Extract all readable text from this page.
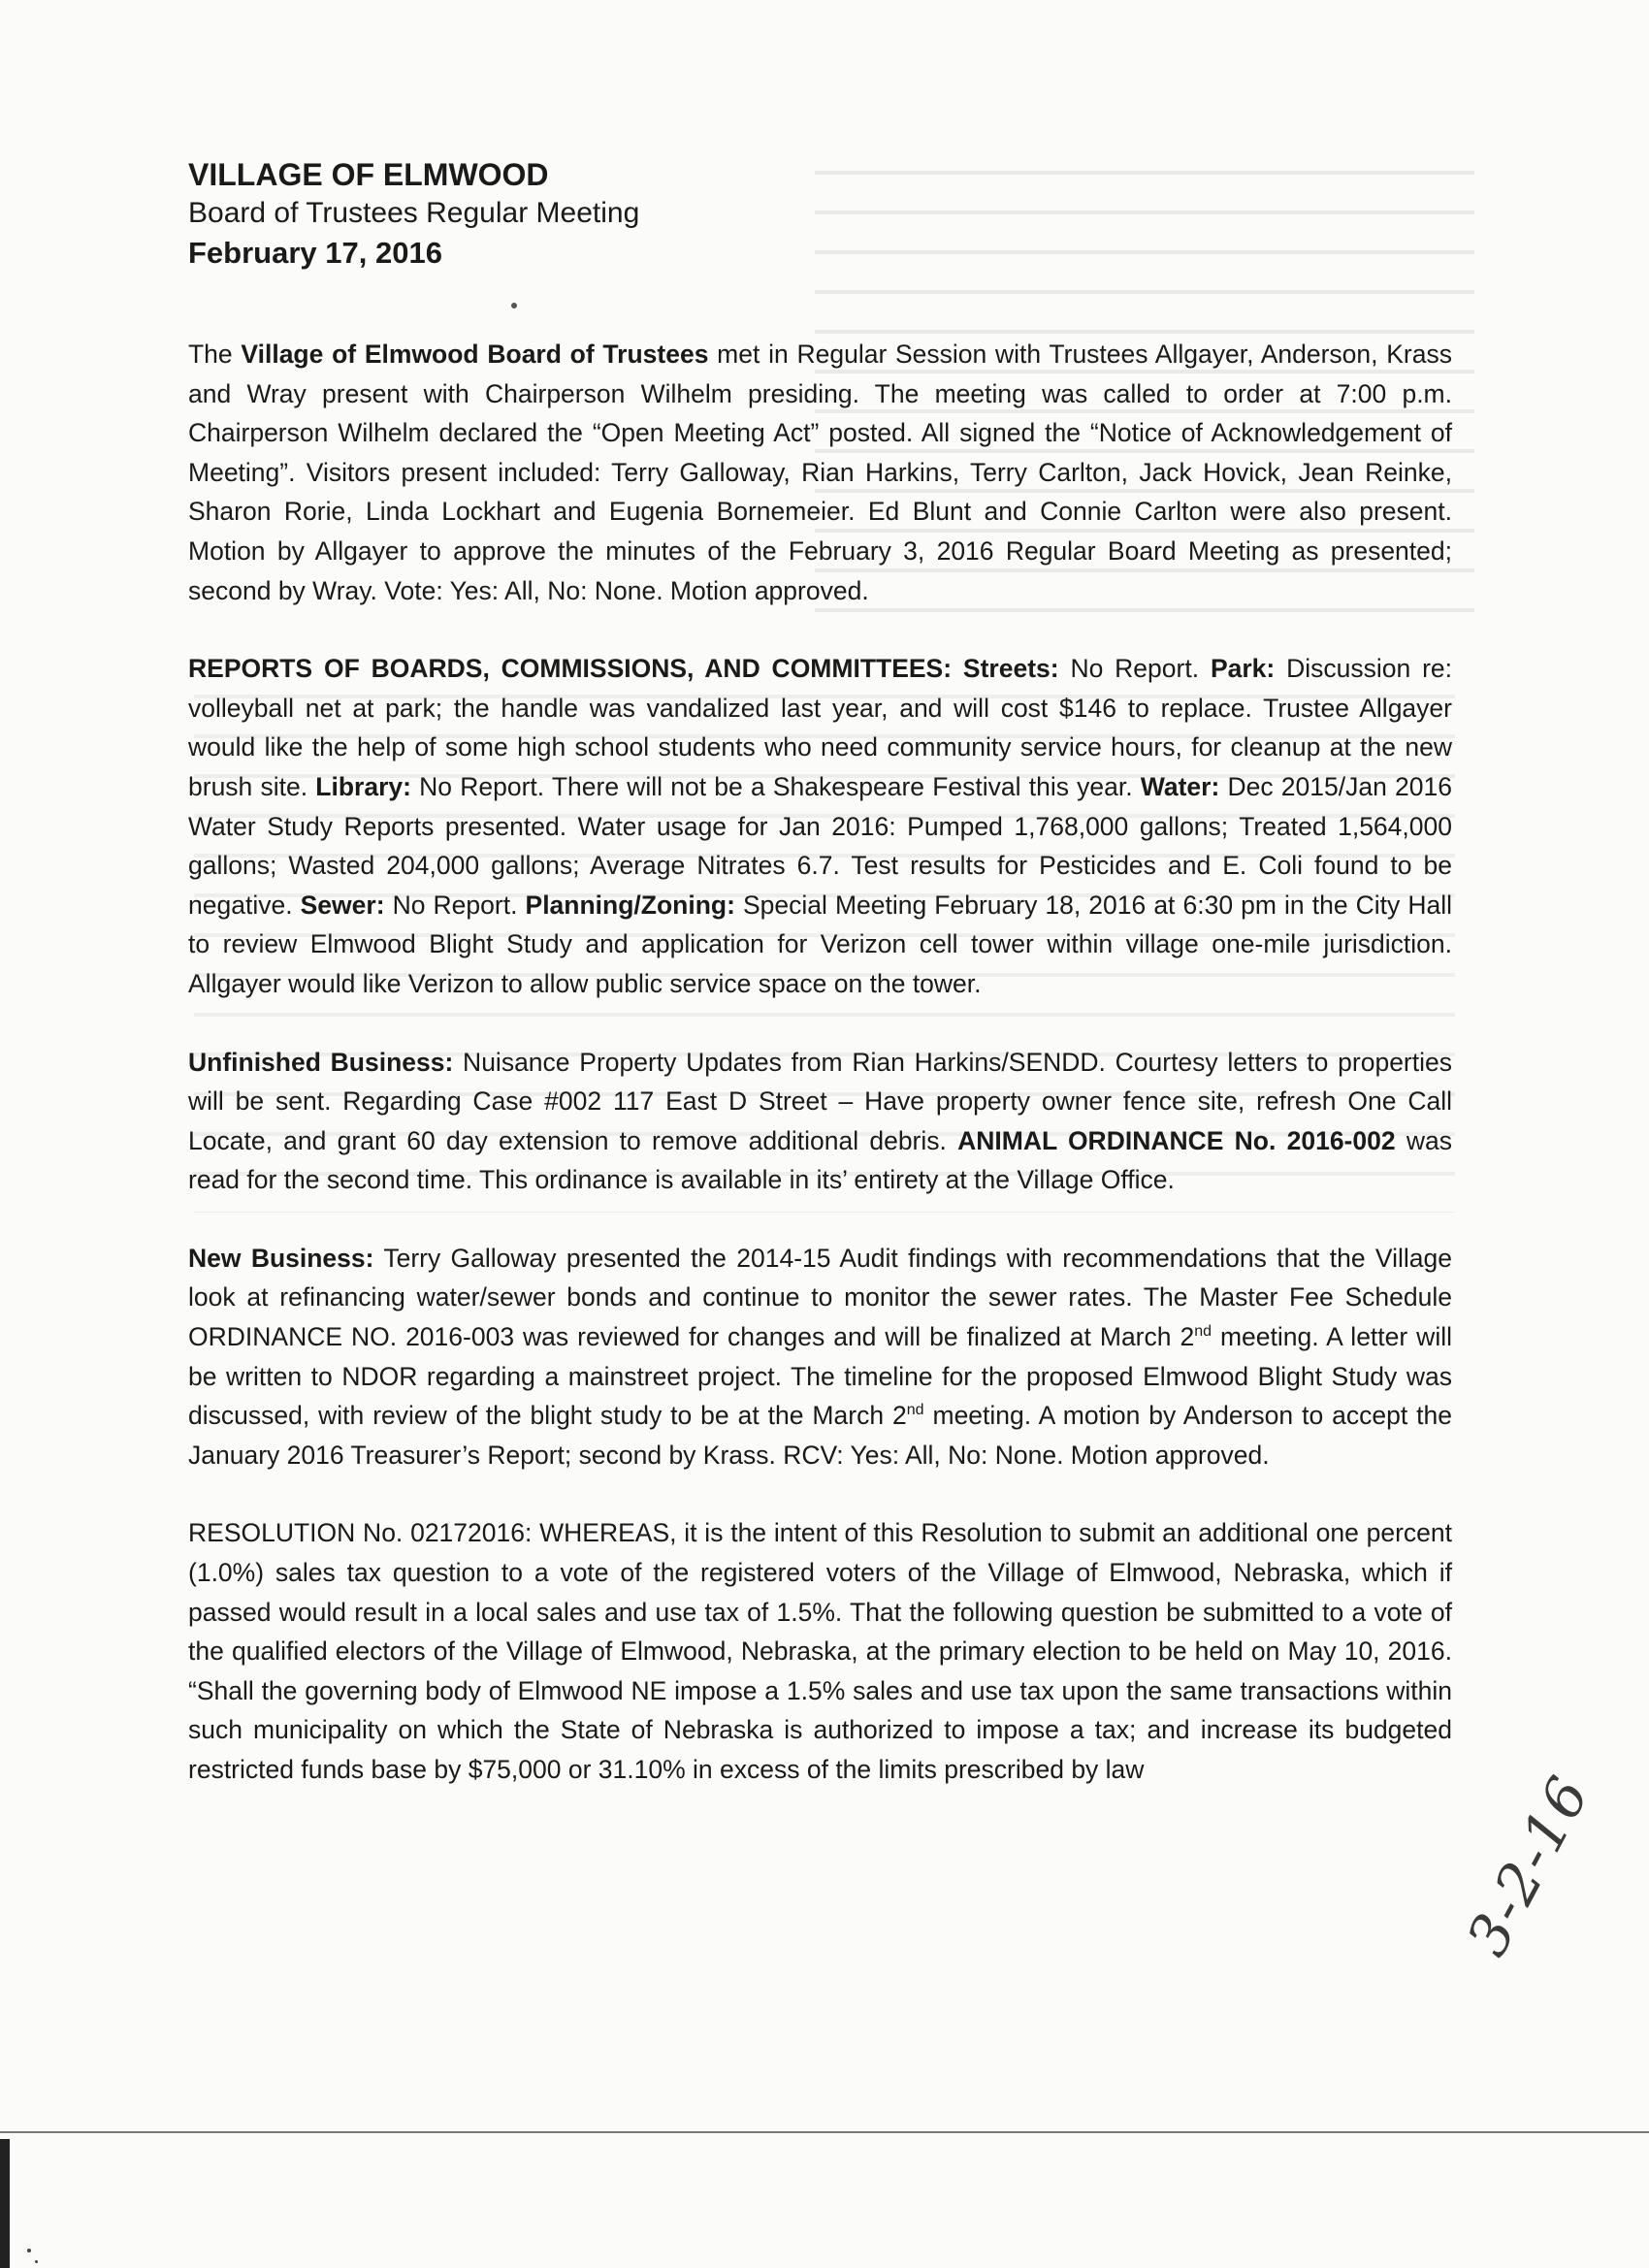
VILLAGE OF ELMWOOD

Board of Trustees Regular Meeting

February 17, 2016

The Village of Elmwood Board of Trustees met in Regular Session with Trustees Allgayer, Anderson, Krass and Wray present with Chairperson Wilhelm presiding. The meeting was called to order at 7:00 p.m. Chairperson Wilhelm declared the “Open Meeting Act” posted. All signed the “Notice of Acknowledgement of Meeting”. Visitors present included: Terry Galloway, Rian Harkins, Terry Carlton, Jack Hovick, Jean Reinke, Sharon Rorie, Linda Lockhart and Eugenia Bornemeier. Ed Blunt and Connie Carlton were also present. Motion by Allgayer to approve the minutes of the February 3, 2016 Regular Board Meeting as presented; second by Wray. Vote: Yes: All, No: None. Motion approved.

REPORTS OF BOARDS, COMMISSIONS, AND COMMITTEES: Streets: No Report. Park: Discussion re: volleyball net at park; the handle was vandalized last year, and will cost $146 to replace. Trustee Allgayer would like the help of some high school students who need community service hours, for cleanup at the new brush site. Library: No Report. There will not be a Shakespeare Festival this year. Water: Dec 2015/Jan 2016 Water Study Reports presented. Water usage for Jan 2016: Pumped 1,768,000 gallons; Treated 1,564,000 gallons; Wasted 204,000 gallons; Average Nitrates 6.7. Test results for Pesticides and E. Coli found to be negative. Sewer: No Report. Planning/Zoning: Special Meeting February 18, 2016 at 6:30 pm in the City Hall to review Elmwood Blight Study and application for Verizon cell tower within village one-mile jurisdiction. Allgayer would like Verizon to allow public service space on the tower.

Unfinished Business: Nuisance Property Updates from Rian Harkins/SENDD. Courtesy letters to properties will be sent. Regarding Case #002 117 East D Street – Have property owner fence site, refresh One Call Locate, and grant 60 day extension to remove additional debris. ANIMAL ORDINANCE No. 2016-002 was read for the second time. This ordinance is available in its’ entirety at the Village Office.

New Business: Terry Galloway presented the 2014-15 Audit findings with recommendations that the Village look at refinancing water/sewer bonds and continue to monitor the sewer rates. The Master Fee Schedule ORDINANCE NO. 2016-003 was reviewed for changes and will be finalized at March 2nd meeting. A letter will be written to NDOR regarding a mainstreet project. The timeline for the proposed Elmwood Blight Study was discussed, with review of the blight study to be at the March 2nd meeting. A motion by Anderson to accept the January 2016 Treasurer’s Report; second by Krass. RCV: Yes: All, No: None. Motion approved.

RESOLUTION No. 02172016: WHEREAS, it is the intent of this Resolution to submit an additional one percent (1.0%) sales tax question to a vote of the registered voters of the Village of Elmwood, Nebraska, which if passed would result in a local sales and use tax of 1.5%. That the following question be submitted to a vote of the qualified electors of the Village of Elmwood, Nebraska, at the primary election to be held on May 10, 2016. “Shall the governing body of Elmwood NE impose a 1.5% sales and use tax upon the same transactions within such municipality on which the State of Nebraska is authorized to impose a tax; and increase its budgeted restricted funds base by $75,000 or 31.10% in excess of the limits prescribed by law	3-2-16
